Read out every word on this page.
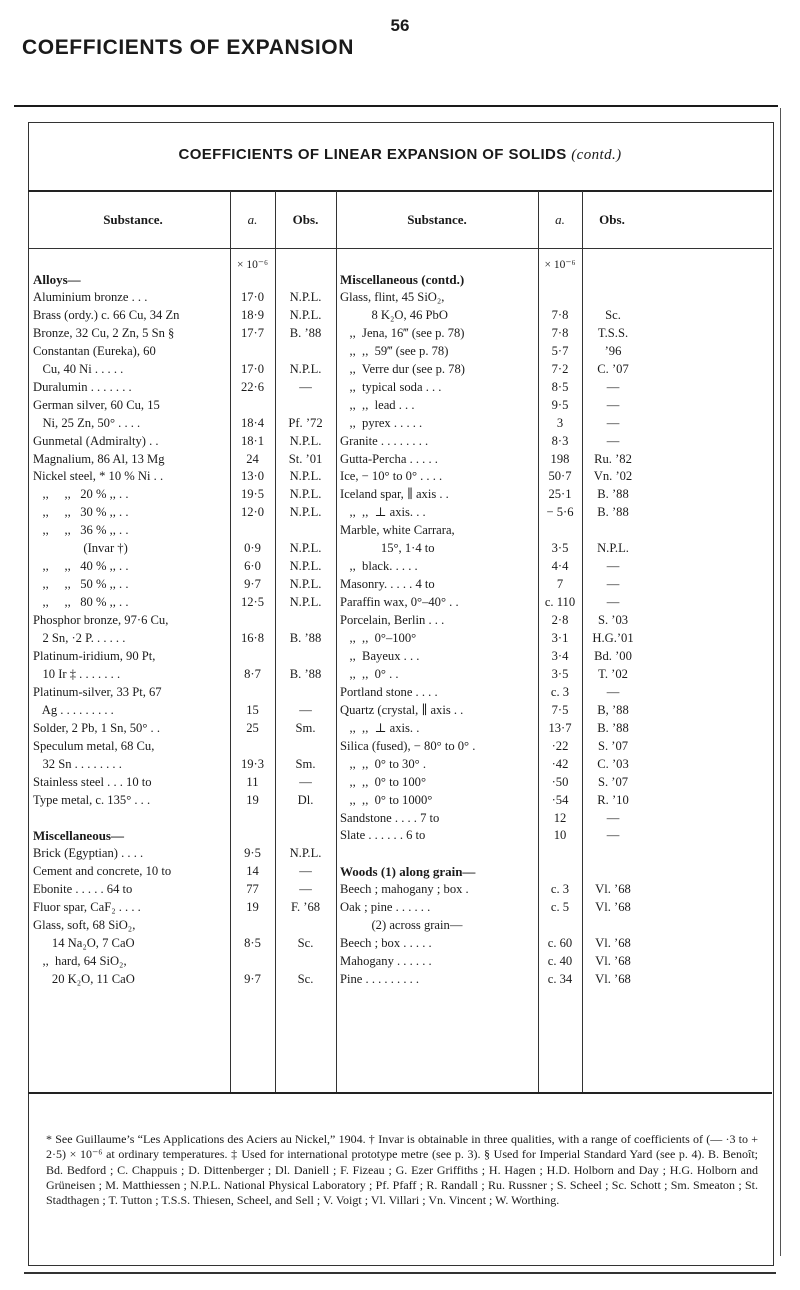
56
COEFFICIENTS OF EXPANSION
COEFFICIENTS OF LINEAR EXPANSION OF SOLIDS (contd.)
Substance.	a.	Obs.	Substance.	a.	Obs.
× 10⁻⁶	× 10⁻⁶
Alloys—
Aluminium bronze . . .	17·0	N.P.L.
Brass (ordy.) c. 66 Cu, 34 Zn	18·9	N.P.L.
Bronze, 32 Cu, 2 Zn, 5 Sn §	17·7	B. ’88
Constantan (Eureka), 60
Cu, 40 Ni . . . . .	17·0	N.P.L.
Duralumin . . . . . . .	22·6	—
German silver, 60 Cu, 15
Ni, 25 Zn, 50° . . . .	18·4	Pf. ’72
Gunmetal (Admiralty) . .	18·1	N.P.L.
Magnalium, 86 Al, 13 Mg	24	St. ’01
Nickel steel, * 10 % Ni . .	13·0	N.P.L.
,,     ,,   20 % ,, . .	19·5	N.P.L.
,,     ,,   30 % ,, . .	12·0	N.P.L.
,,     ,,   36 % ,, . .
(Invar †)	0·9	N.P.L.
,,     ,,   40 % ,, . .	6·0	N.P.L.
,,     ,,   50 % ,, . .	9·7	N.P.L.
,,     ,,   80 % ,, . .	12·5	N.P.L.
Phosphor bronze, 97·6 Cu,
2 Sn, ·2 P. . . . . .	16·8	B. ’88
Platinum-iridium, 90 Pt,
10 Ir ‡ . . . . . . .	8·7	B. ’88
Platinum-silver, 33 Pt, 67
Ag . . . . . . . . .	15	—
Solder, 2 Pb, 1 Sn, 50° . .	25	Sm.
Speculum metal, 68 Cu,
32 Sn . . . . . . . .	19·3	Sm.
Stainless steel . . . 10 to	11	—
Type metal, c. 135° . . .	19	Dl.
Miscellaneous—
Brick (Egyptian) . . . .	9·5	N.P.L.
Cement and concrete, 10 to	14	—
Ebonite . . . . . 64 to	77	—
Fluor spar, CaF₂ . . . .	19	F. ’68
Glass, soft, 68 SiO₂,
14 Na₂O, 7 CaO	8·5	Sc.
,,  hard, 64 SiO₂,
20 K₂O, 11 CaO	9·7	Sc.
Miscellaneous (contd.)
Glass, flint, 45 SiO₂,
8 K₂O, 46 PbO	7·8	Sc.
,,  Jena, 16‴ (see p. 78)	7·8	T.S.S.
,,  ,,  59‴ (see p. 78)	5·7	’96
,,  Verre dur (see p. 78)	7·2	C. ’07
,,  typical soda . . .	8·5	—
,,  ,,  lead . . .	9·5	—
,,  pyrex . . . . .	3	—
Granite . . . . . . . .	8·3	—
Gutta-Percha . . . . .	198	Ru. ’82
Ice, − 10° to 0° . . . .	50·7	Vn. ’02
Iceland spar, ∥ axis . .	25·1	B. ’88
,,  ,,  ⊥ axis. . .	− 5·6	B. ’88
Marble, white Carrara,
15°, 1·4 to	3·5	N.P.L.
,,  black. . . . .	4·4	—
Masonry. . . . . 4 to	7	—
Paraffin wax, 0°–40° . .	c. 110	—
Porcelain, Berlin . . .	2·8	S. ’03
,,  ,,  0°–100°	3·1	H.G.’01
,,  Bayeux . . .	3·4	Bd. ’00
,,  ,,  0° . .	3·5	T. ’02
Portland stone . . . .	c. 3	—
Quartz (crystal, ∥ axis . .	7·5	B, ’88
,,  ,,  ⊥ axis. .	13·7	B. ’88
Silica (fused), − 80° to 0° .	·22	S. ’07
,,  ,,  0° to 30° .	·42	C. ’03
,,  ,,  0° to 100°	·50	S. ’07
,,  ,,  0° to 1000°	·54	R. ’10
Sandstone . . . . 7 to	12	—
Slate . . . . . . 6 to	10	—
Woods (1) along grain—
Beech ; mahogany ; box .	c. 3	Vl. ’68
Oak ; pine . . . . . .	c. 5	Vl. ’68
(2) across grain—
Beech ; box . . . . .	c. 60	Vl. ’68
Mahogany . . . . . .	c. 40	Vl. ’68
Pine . . . . . . . . .	c. 34	Vl. ’68
* See Guillaume’s “Les Applications des Aciers au Nickel,” 1904. † Invar is obtainable in three qualities, with a range of coefficients of (— ·3 to + 2·5) × 10⁻⁶ at ordinary temperatures. ‡ Used for international prototype metre (see p. 3). § Used for Imperial Standard Yard (see p. 4). B. Benoît; Bd. Bedford ; C. Chappuis ; D. Dittenberger ; Dl. Daniell ; F. Fizeau ; G. Ezer Griffiths ; H. Hagen ; H.D. Holborn and Day ; H.G. Holborn and Grüneisen ; M. Matthiessen ; N.P.L. National Physical Laboratory ; Pf. Pfaff ; R. Randall ; Ru. Russner ; S. Scheel ; Sc. Schott ; Sm. Smeaton ; St. Stadthagen ; T. Tutton ; T.S.S. Thiesen, Scheel, and Sell ; V. Voigt ; Vl. Villari ; Vn. Vincent ; W. Worthing.
